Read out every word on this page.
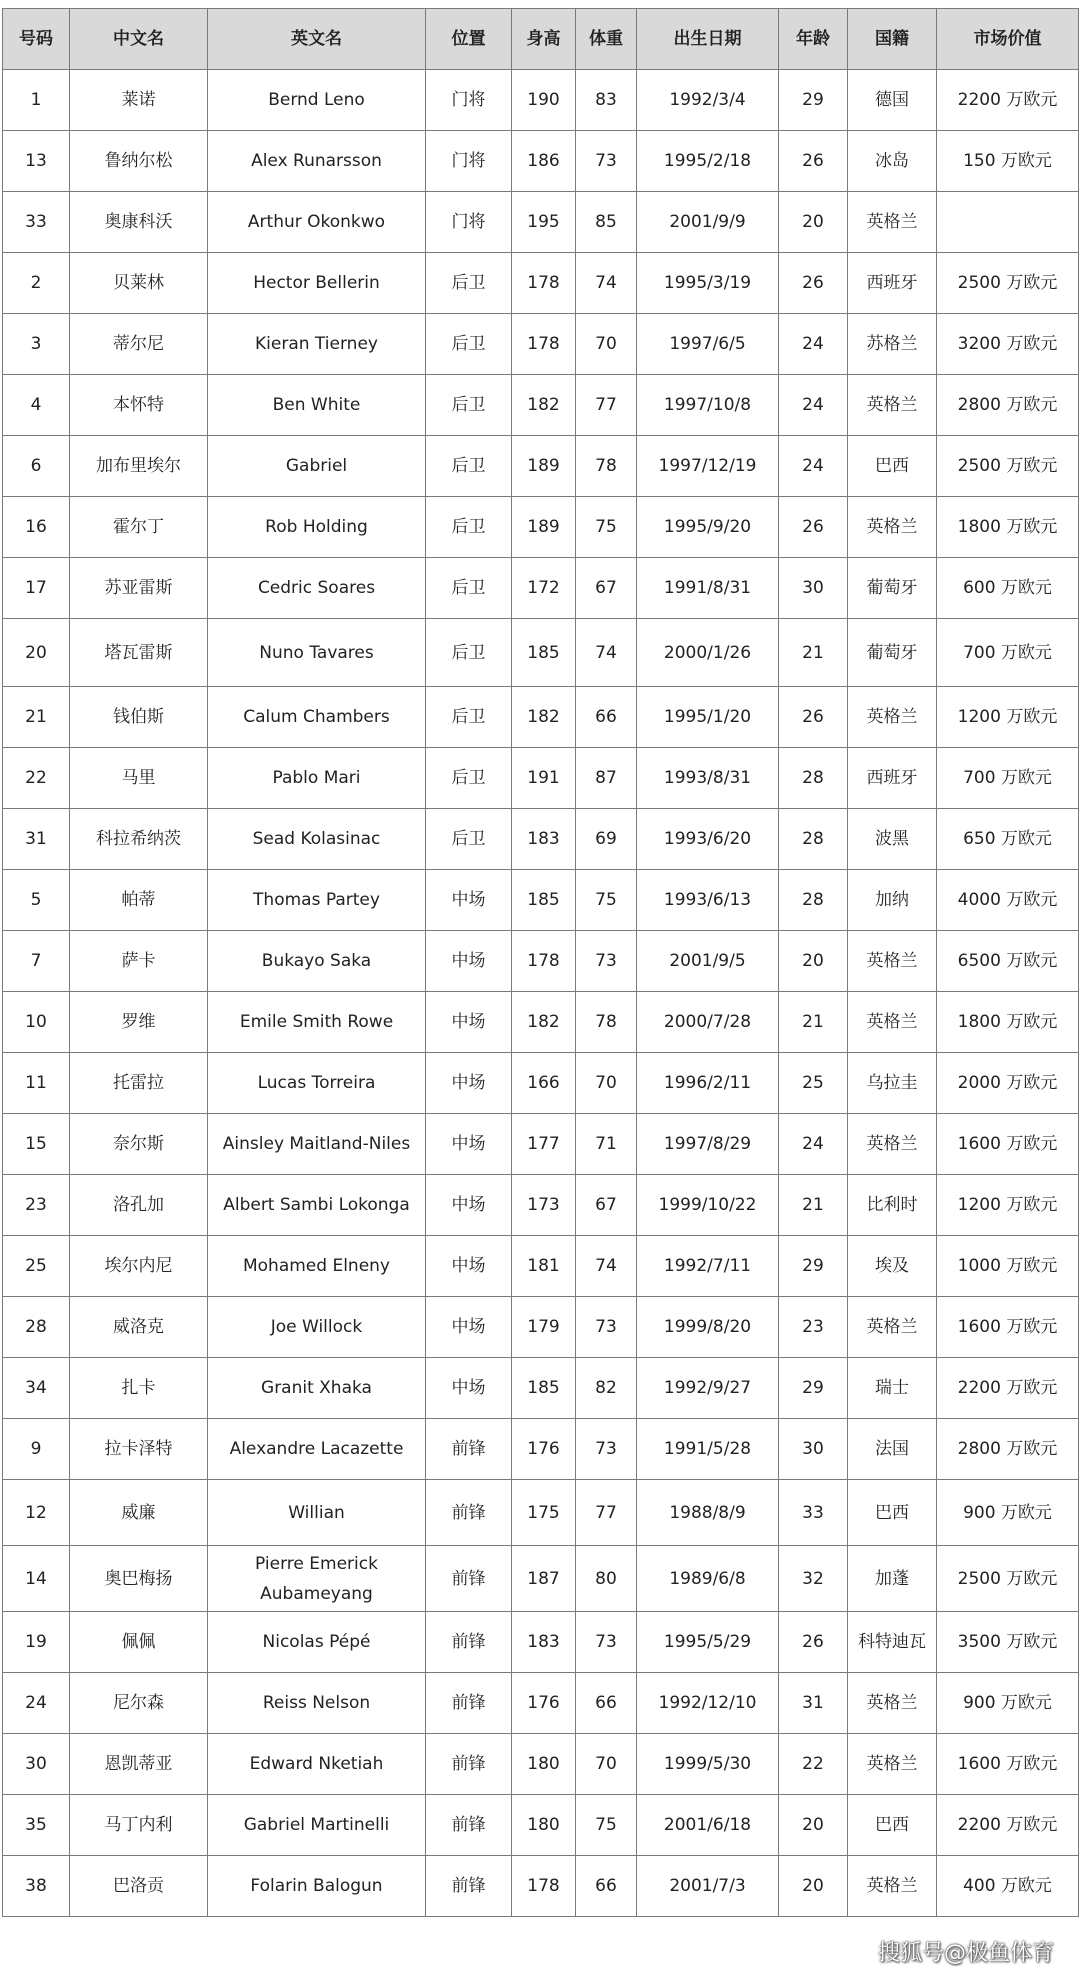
号码	中文名	英文名	位置	身高	体重	出生日期	年龄	国籍	市场价值
1	莱诺	Bernd Leno	门将	190	83	1992/3/4	29	德国	2200 万欧元
13	鲁纳尔松	Alex Runarsson	门将	186	73	1995/2/18	26	冰岛	150 万欧元
33	奥康科沃	Arthur Okonkwo	门将	195	85	2001/9/9	20	英格兰	
2	贝莱林	Hector Bellerin	后卫	178	74	1995/3/19	26	西班牙	2500 万欧元
3	蒂尔尼	Kieran Tierney	后卫	178	70	1997/6/5	24	苏格兰	3200 万欧元
4	本怀特	Ben White	后卫	182	77	1997/10/8	24	英格兰	2800 万欧元
6	加布里埃尔	Gabriel	后卫	189	78	1997/12/19	24	巴西	2500 万欧元
16	霍尔丁	Rob Holding	后卫	189	75	1995/9/20	26	英格兰	1800 万欧元
17	苏亚雷斯	Cedric Soares	后卫	172	67	1991/8/31	30	葡萄牙	600 万欧元
20	塔瓦雷斯	Nuno Tavares	后卫	185	74	2000/1/26	21	葡萄牙	700 万欧元
21	钱伯斯	Calum Chambers	后卫	182	66	1995/1/20	26	英格兰	1200 万欧元
22	马里	Pablo Mari	后卫	191	87	1993/8/31	28	西班牙	700 万欧元
31	科拉希纳茨	Sead Kolasinac	后卫	183	69	1993/6/20	28	波黑	650 万欧元
5	帕蒂	Thomas Partey	中场	185	75	1993/6/13	28	加纳	4000 万欧元
7	萨卡	Bukayo Saka	中场	178	73	2001/9/5	20	英格兰	6500 万欧元
10	罗维	Emile Smith Rowe	中场	182	78	2000/7/28	21	英格兰	1800 万欧元
11	托雷拉	Lucas Torreira	中场	166	70	1996/2/11	25	乌拉圭	2000 万欧元
15	奈尔斯	Ainsley Maitland-Niles	中场	177	71	1997/8/29	24	英格兰	1600 万欧元
23	洛孔加	Albert Sambi Lokonga	中场	173	67	1999/10/22	21	比利时	1200 万欧元
25	埃尔内尼	Mohamed Elneny	中场	181	74	1992/7/11	29	埃及	1000 万欧元
28	威洛克	Joe Willock	中场	179	73	1999/8/20	23	英格兰	1600 万欧元
34	扎卡	Granit Xhaka	中场	185	82	1992/9/27	29	瑞士	2200 万欧元
9	拉卡泽特	Alexandre Lacazette	前锋	176	73	1991/5/28	30	法国	2800 万欧元
12	威廉	Willian	前锋	175	77	1988/8/9	33	巴西	900 万欧元
14	奥巴梅扬	Pierre Emerick Aubameyang	前锋	187	80	1989/6/8	32	加蓬	2500 万欧元
19	佩佩	Nicolas Pépé	前锋	183	73	1995/5/29	26	科特迪瓦	3500 万欧元
24	尼尔森	Reiss Nelson	前锋	176	66	1992/12/10	31	英格兰	900 万欧元
30	恩凯蒂亚	Edward Nketiah	前锋	180	70	1999/5/30	22	英格兰	1600 万欧元
35	马丁内利	Gabriel Martinelli	前锋	180	75	2001/6/18	20	巴西	2200 万欧元
38	巴洛贡	Folarin Balogun	前锋	178	66	2001/7/3	20	英格兰	400 万欧元
搜狐号@极鱼体育
